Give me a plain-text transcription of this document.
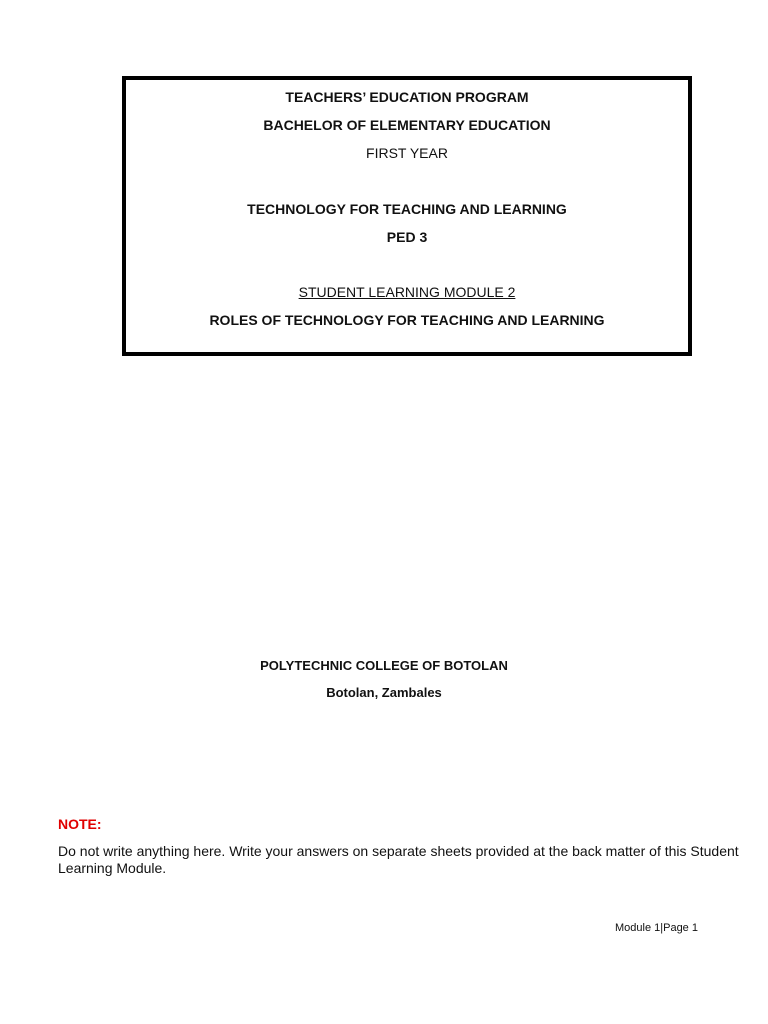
TEACHERS’ EDUCATION PROGRAM
BACHELOR OF ELEMENTARY EDUCATION
FIRST YEAR
TECHNOLOGY FOR TEACHING AND LEARNING
PED 3
STUDENT LEARNING MODULE 2
ROLES OF TECHNOLOGY FOR TEACHING AND LEARNING
POLYTECHNIC COLLEGE OF BOTOLAN
Botolan, Zambales
NOTE:
Do not write anything here. Write your answers on separate sheets provided at the back matter of this Student Learning Module.
Module 1|Page 1
